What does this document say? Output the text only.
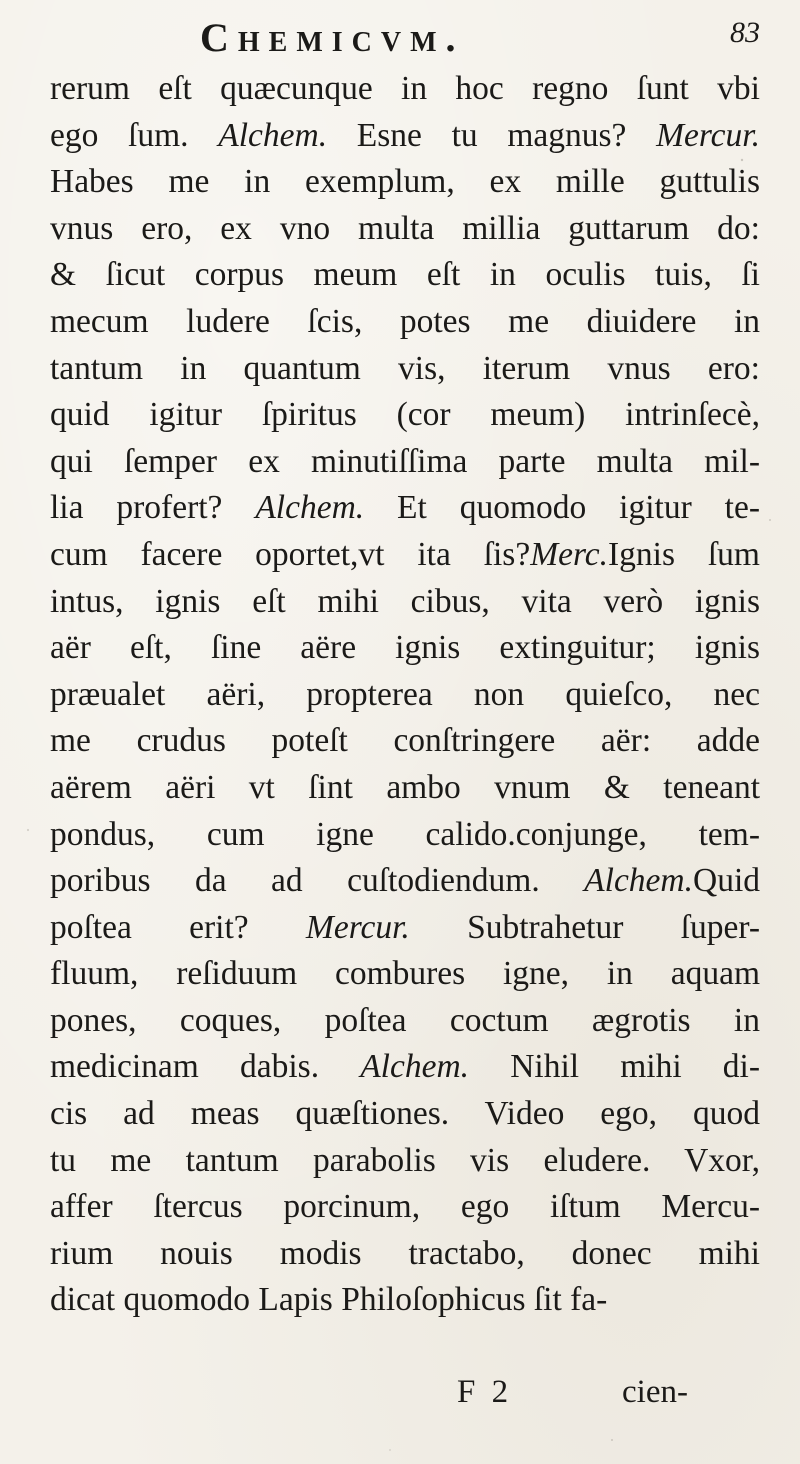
Chemicvm.	83
rerum eſt quæcunque in hoc regno ſunt vbi
ego ſum. Alchem. Esne tu magnus? Mercur.
Habes me in exemplum, ex mille guttulis
vnus ero, ex vno multa millia guttarum do:
& ſicut corpus meum eſt in oculis tuis, ſi
mecum ludere ſcis, potes me diuidere in
tantum in quantum vis, iterum vnus ero:
quid igitur ſpiritus (cor meum) intrinſecè,
qui ſemper ex minutiſſima parte multa mil-
lia profert? Alchem. Et quomodo igitur te-
cum facere oportet,vt ita ſis?Merc.Ignis ſum
intus, ignis eſt mihi cibus, vita verò ignis
aër eſt, ſine aëre ignis extinguitur; ignis
præualet aëri, propterea non quieſco, nec
me crudus poteſt conſtringere aër: adde
aërem aëri vt ſint ambo vnum & teneant
pondus, cum igne calido.conjunge, tem-
poribus da ad cuſtodiendum. Alchem.Quid
poſtea erit? Mercur. Subtrahetur ſuper-
fluum, reſiduum combures igne, in aquam
pones, coques, poſtea coctum ægrotis in
medicinam dabis. Alchem. Nihil mihi di-
cis ad meas quæſtiones. Video ego, quod
tu me tantum parabolis vis eludere. Vxor,
affer ſtercus porcinum, ego iſtum Mercu-
rium nouis modis tractabo, donec mihi
dicat quomodo Lapis Philoſophicus ſit fa-
F 2	cien-
